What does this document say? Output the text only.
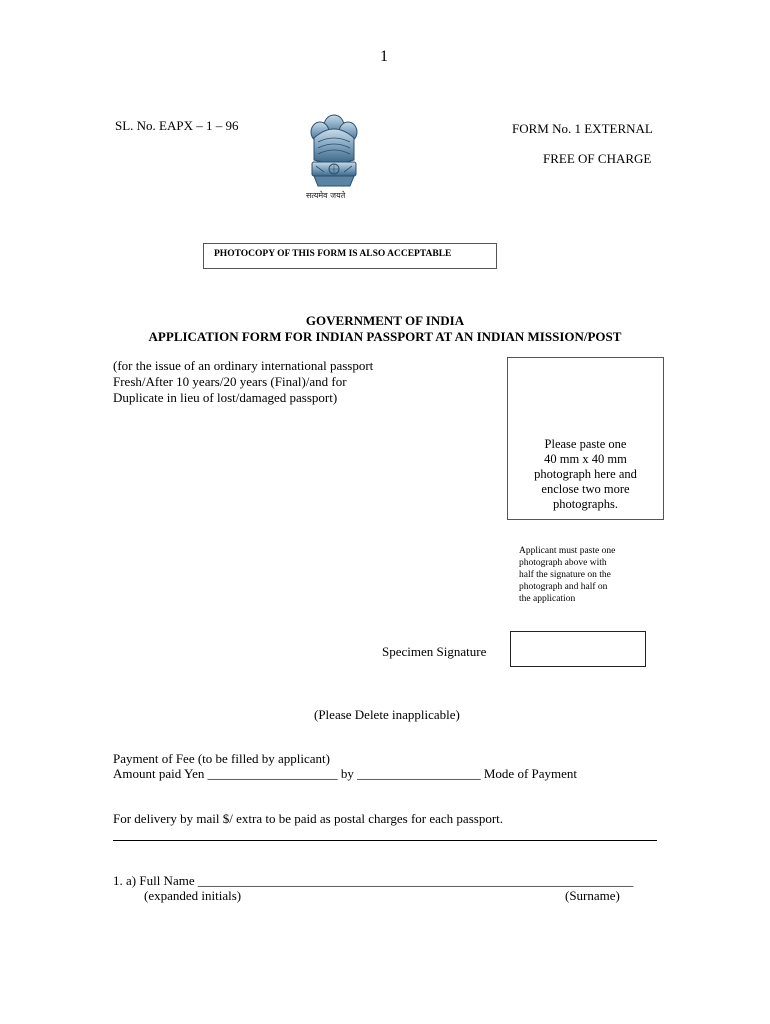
1
SL. No. EAPX – 1 – 96	FORM No. 1 EXTERNAL
FREE OF CHARGE
सत्यमेव जयते
PHOTOCOPY OF THIS FORM IS ALSO ACCEPTABLE
GOVERNMENT OF INDIA
APPLICATION FORM FOR INDIAN PASSPORT AT AN INDIAN MISSION/POST
(for the issue of an ordinary international passport
Fresh/After 10 years/20 years (Final)/and for
Duplicate in lieu of lost/damaged passport)
Please paste one
40 mm x 40 mm
photograph here and
enclose two more
photographs.
Applicant must paste one
photograph above with
half the signature on the
photograph and half on
the application
Specimen Signature
(Please Delete inapplicable)
Payment of Fee (to be filled by applicant)
Amount paid Yen ____________________ by ___________________ Mode of Payment
For delivery by mail $/ extra to be paid as postal charges for each passport.
1. a) Full Name ___________________________________________________________________
(expanded initials)	(Surname)
